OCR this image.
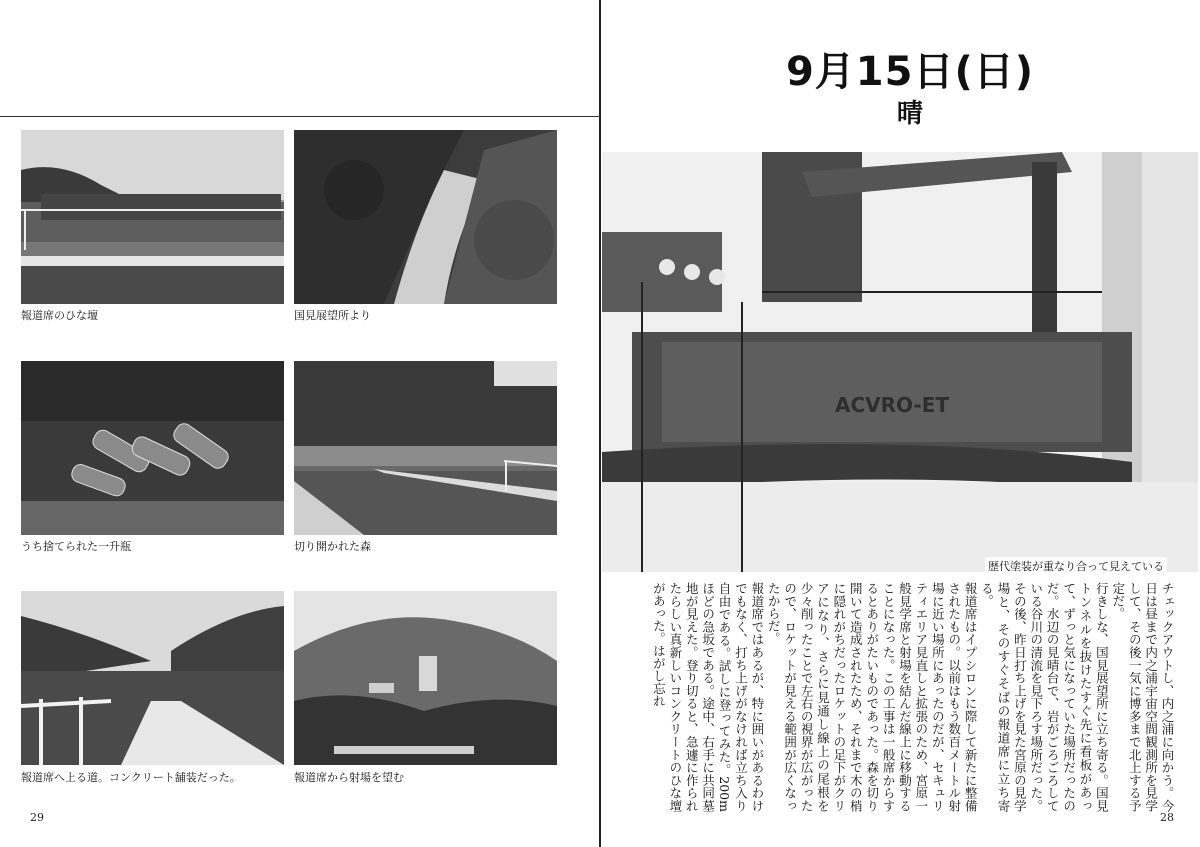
報道席のひな壇	国見展望所より
うち捨てられた一升瓶	切り開かれた森
報道席へ上る道。コンクリート舗装だった。	報道席から射場を望む
29
9月15日(日)
晴
ACVRO-ET
歴代塗装が重なり合って見えている

チェックアウトし、内之浦に向かう。今日は昼まで内之浦宇宙空間観測所を見学して、その後一気に博多まで北上する予定だ。

行きしな、国見展望所に立ち寄る。国見トンネルを抜けたすぐ先に看板があって、ずっと気になっていた場所だったのだ。水辺の見晴台で、岩がごろごろしている谷川の清流を見下ろす場所だった。その後、昨日打ち上げを見た宮原の見学場と、そのすぐそばの報道席に立ち寄る。

報道席はイプシロンに際して新たに整備されたもの。以前はもう数百メートル射場に近い場所にあったのだが、セキュリティエリア見直しと拡張のため、宮原一般見学席と射場を結んだ線上に移動することになった。この工事は一般席からするとありがたいものであった。森を切り開いて造成されたため、それまで木の梢に隠れがちだったロケットの足下がクリアになり、さらに見通し線上の尾根を少々削ったことで左右の視界が広がったので、ロケットが見える範囲が広くなったからだ。

報道席ではあるが、特に囲いがあるわけでもなく、打ち上げがなければ立ち入り自由である。試しに登ってみた。200mほどの急坂である。途中、右手に共同墓地が見えた。登り切ると、急遽に作られたらしい真新しいコンクリートのひな壇があった。はがし忘れ

28
